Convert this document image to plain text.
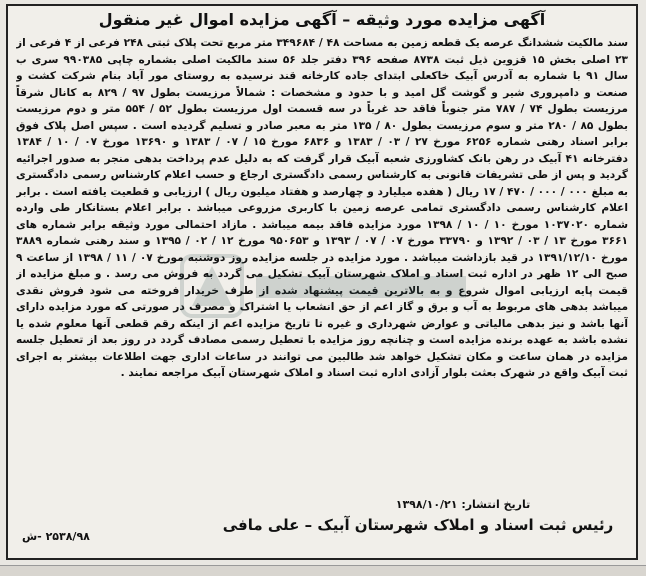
آگهی مزایده مورد وثیقه – آگهی مزایده اموال غیر منقول

سند مالکیت ششدانگ عرصه یک قطعه زمین به مساحت ۴۸ / ۳۴۹۶۸۴ متر مربع تحت پلاک ثبتی ۲۴۸ فرعی از ۴ فرعی از ۲۳ اصلی بخش ۱۵ قزوین ذیل ثبت ۸۷۳۸ صفحه ۳۹۶ دفتر جلد ۵۶ سند مالکیت اصلی بشماره چاپی ۹۹۰۳۸۵ سری ب سال ۹۱ با شماره به آدرس آبیک خاکعلی ابتدای جاده کارخانه قند نرسیده به روستای مور آباد بنام شرکت کشت و صنعت و دامپروری شیر و گوشت گل امید و با حدود و مشخصات : شمالاً مرزیست بطول ۹۷ / ۸۲۹ به کانال شرقاً مرزیست بطول ۷۴ / ۷۸۷ متر جنوباً فاقد حد غرباً در سه قسمت اول مرزیست بطول ۵۲ / ۵۵۴ متر و دوم مرزیست بطول ۸۵ / ۲۸۰ متر و سوم مرزیست بطول ۸۰ / ۱۳۵ متر به معبر صادر و تسلیم گردیده است . سپس اصل پلاک فوق برابر اسناد رهنی شماره ۶۲۵۶ مورخ ۲۷ / ۰۳ / ۱۳۸۳ و ۶۸۳۶ مورخ ۱۵ / ۰۷ / ۱۳۸۳ و ۱۳۶۹۰ مورخ ۰۷ / ۱۰ / ۱۳۸۴ دفترخانه ۴۱ آبیک در رهن بانک کشاورزی شعبه آبیک قرار گرفت که به دلیل عدم پرداخت بدهی منجر به صدور اجرائیه گردید و پس از طی تشریفات قانونی به کارشناس رسمی دادگستری ارجاع و حسب اعلام کارشناس رسمی دادگستری به مبلغ ۰۰۰ / ۰۰۰ / ۴۷۰ / ۱۷ ریال ( هفده میلیارد و چهارصد و هفتاد میلیون ریال ) ارزیابی و قطعیت یافته است . برابر اعلام کارشناس رسمی دادگستری تمامی عرصه زمین با کاربری مزروعی میباشد . برابر اعلام بستانکار طی وارده شماره ۱۰۳۷۰۲۰ مورخ ۱۰ / ۱۰ / ۱۳۹۸ مورد مزایده فاقد بیمه میباشد . مازاد احتمالی مورد وثیقه برابر شماره های ۳۶۶۱ مورخ ۱۳ / ۰۳ / ۱۳۹۲ و ۳۳۷۹۰ مورخ ۰۷ / ۰۷ / ۱۳۹۳ و ۹۵۰۶۵۳ مورخ ۱۲ / ۰۲ / ۱۳۹۵ و سند رهنی شماره ۳۸۸۹ مورخ ۱۳۹۱/۱۲/۱۰ در قید بازداشت میباشد . مورد مزایده در جلسه مزایده روز دوشنبه مورخ ۰۷ / ۱۱ / ۱۳۹۸ از ساعت ۹ صبح الی ۱۲ ظهر در اداره ثبت اسناد و املاک شهرستان آبیک تشکیل می گردد به فروش می رسد . و مبلغ مزایده از قیمت پایه ارزیابی اموال شروع و به بالاترین قیمت پیشنهاد شده از طرف خریدار فروخته می شود فروش نقدی میباشد بدهی های مربوط به آب و برق و گاز اعم از حق انشعاب یا اشتراک و مصرف در صورتی که مورد مزایده دارای آنها باشد و نیز بدهی مالیاتی و عوارض شهرداری و غیره تا تاریخ مزایده اعم از اینکه رقم قطعی آنها معلوم شده یا نشده باشد به عهده برنده مزایده است و چنانچه روز مزایده با تعطیل رسمی مصادف گردد در روز بعد از تعطیل جلسه مزایده در همان ساعت و مکان تشکیل خواهد شد طالبین می توانند در ساعات اداری جهت اطلاعات بیشتر به اجرای ثبت آبیک واقع در شهرک بعثت بلوار آزادی اداره ثبت اسناد و املاک شهرستان آبیک مراجعه نمایند .

تاریخ انتشار: ۱۳۹۸/۱۰/۲۱
رئیس ثبت اسناد و املاک شهرستان آبیک – علی مافی
۲۵۳۸/۹۸ -ش
